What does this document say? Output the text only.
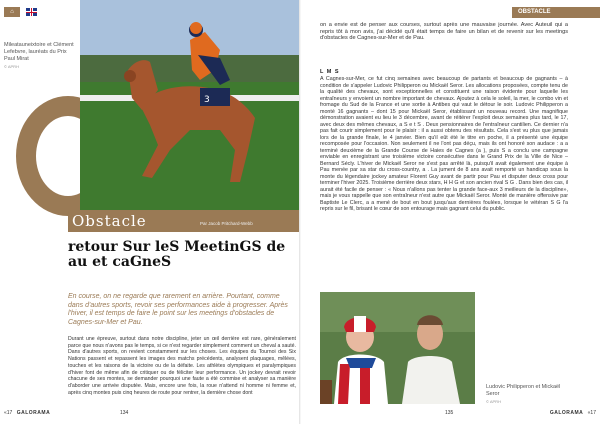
⌂
Mileatauneixtoire et Clément Lefebvre, lauréats du Prix Paul Mirat
© APRH
3
Obstacle	Par Jacob Pritchard-Webb
retour Sur leS MeetinGS de au et caGneS

En course, on ne regarde que rarement en arrière. Pourtant, comme dans d'autres sports, revoir ses performances aide à progresser. Après l'hiver, il est temps de faire le point sur les meetings d'obstacles de Cagnes-sur-Mer et Pau.

Durant une épreuve, surtout dans notre discipline, jeter un œil derrière est rare, généralement parce que nous n'avons pas le temps, si ce n'est regarder simplement comment un cheval a sauté. Dans d'autres sports, on revient constamment sur les choses. Les équipes du Tournoi des Six Nations passent et repassent les images des matchs précédents, analysent plaquages, mêlées, touches et les raisons de la victoire ou de la défaite. Les athlètes olympiques et paralympiques d'hiver font de même afin de critiquer ou de féliciter leur performance. Un jockey devrait revoir chacune de ses montes, se demander pourquoi une faute a été commise et analyser sa manière d'aborder une arrivée disputée. Mais, encore une fois, la roue n'attend ni homme ni femme et, après cinq montes puis cinq heures de route pour rentrer, la dernière chose dont

«17 GALORAMA	134
OBSTACLE

on a envie est de penser aux courses, surtout après une mauvaise journée. Avec Auteuil qui a repris tôt à mon avis, j'ai décidé qu'il était temps de faire un bilan et de revenir sur les meetings d'obstacles de Cagnes-sur-Mer et de Pau.

L M S

A Cagnes-sur-Mer, ce fut cinq semaines avec beaucoup de partants et beaucoup de gagnants – à condition de s'appeler Ludovic Philipperon ou Mickaël Seror. Les allocations proposées, compte tenu de la qualité des chevaux, sont exceptionnelles et constituent une raison évidente pour laquelle les entraîneurs y envoient un nombre important de chevaux. Ajoutez à cela le soleil, la mer, le combo vin et fromage du Sud de la France et une sortie à Antibes qui vaut le détour le soir. Ludovic Philipperon a monté 16 gagnants – dont 15 pour Mickaël Seror, établissant un nouveau record. Une magnifique démonstration avaient eu lieu le 3 décembre, avant de réitérer l'exploit deux semaines plus tard, le 17, avec deux des mêmes chevaux, a S e t S . Deux pensionnaires de l'entraîneur cantilien. Ce dernier n'a pas fait courir simplement pour le plaisir : il a aussi obtenu des résultats. Cela s'est vu plus que jamais lors de la grande finale, le 4 janvier. Bien qu'il eût été le titre en poche, il a présenté une équipe recomposée pour l'occasion. Non seulement il ne l'ont pas déçu, mais ils ont honoré son audace : a a terminé deuxième de la Grande Course de Haies de Cagnes (a ), puis S a conclu une campagne enviable en enregistrant une troisième victoire consécutive dans le Grand Prix de la Ville de Nice – Bernard Sécly. L'hiver de Mickaël Seror ne s'est pas arrêté là, puisqu'il avait également une équipe à Pau menée par sa star du cross-country, a . La jument de 8 ans avait remporté un handicap sous la monte du légendaire jockey amateur Florent Guy avant de partir pour Pau et disputer deux cross pour terminer l'hiver 2025. Troisième derrière deux stars, H H G et son ancien rival S G . Dans bien des cas, il aurait été facile de penser : « Nous n'allons pas tenter la grande face-aux 3 meilleurs de la discipline», mais je vous rappelle que son entraîneur n'est autre que Mickaël Seror. Monté de manière offensive par Baptiste Le Clerc, a a mené de bout en bout jusqu'aux dernières foulées, lorsque le vétéran S G l'a repris sur le fil, brisant le cœur de son entourage mais gagnant celui du public.

Ludovic Philipperon et Mickaël Seror
© APRH
135	GALORAMA «17
